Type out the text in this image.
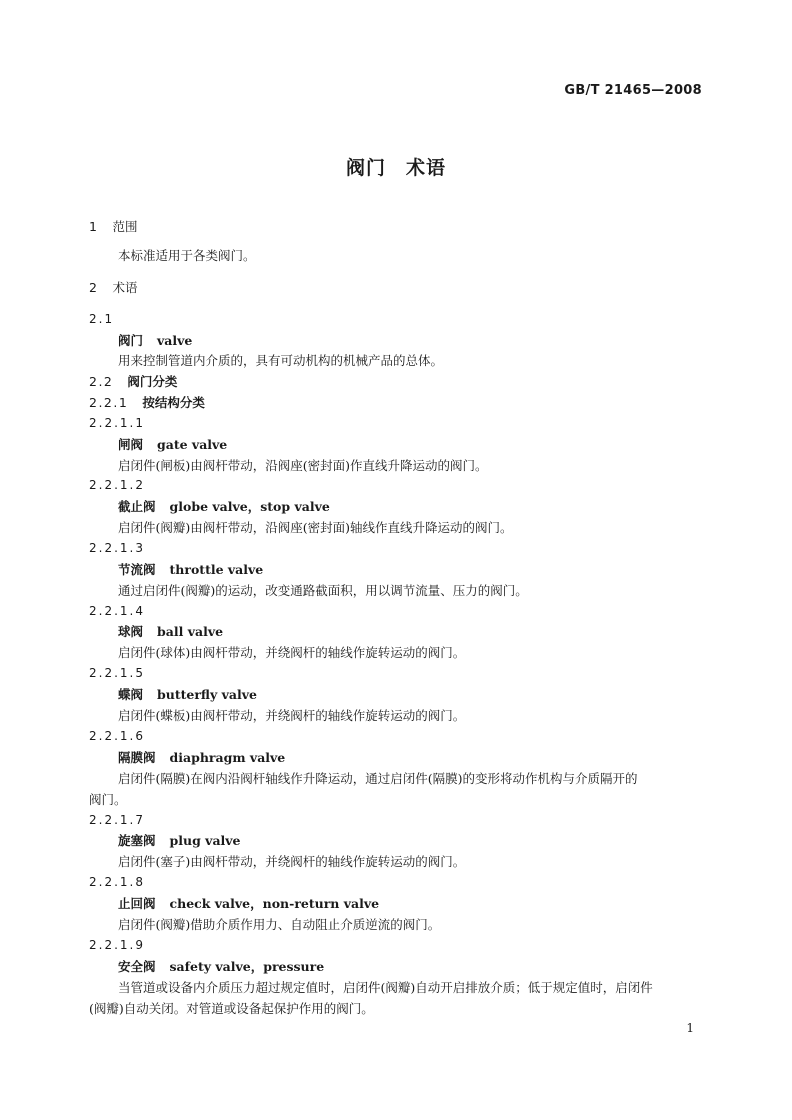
GB/T 21465—2008
阀门　术语
1 范围
本标准适用于各类阀门。
2 术语
2.1
阀门 valve
用来控制管道内介质的，具有可动机构的机械产品的总体。
2.2 阀门分类
2.2.1 按结构分类
2.2.1.1
闸阀 gate valve
启闭件(闸板)由阀杆带动，沿阀座(密封面)作直线升降运动的阀门。
2.2.1.2
截止阀 globe valve，stop valve
启闭件(阀瓣)由阀杆带动，沿阀座(密封面)轴线作直线升降运动的阀门。
2.2.1.3
节流阀 throttle valve
通过启闭件(阀瓣)的运动，改变通路截面积，用以调节流量、压力的阀门。
2.2.1.4
球阀 ball valve
启闭件(球体)由阀杆带动，并绕阀杆的轴线作旋转运动的阀门。
2.2.1.5
蝶阀 butterfly valve
启闭件(蝶板)由阀杆带动，并绕阀杆的轴线作旋转运动的阀门。
2.2.1.6
隔膜阀 diaphragm valve
启闭件(隔膜)在阀内沿阀杆轴线作升降运动，通过启闭件(隔膜)的变形将动作机构与介质隔开的
阀门。
2.2.1.7
旋塞阀 plug valve
启闭件(塞子)由阀杆带动，并绕阀杆的轴线作旋转运动的阀门。
2.2.1.8
止回阀 check valve，non-return valve
启闭件(阀瓣)借助介质作用力、自动阻止介质逆流的阀门。
2.2.1.9
安全阀 safety valve，pressure
当管道或设备内介质压力超过规定值时，启闭件(阀瓣)自动开启排放介质；低于规定值时，启闭件
(阀瓣)自动关闭。对管道或设备起保护作用的阀门。
1
